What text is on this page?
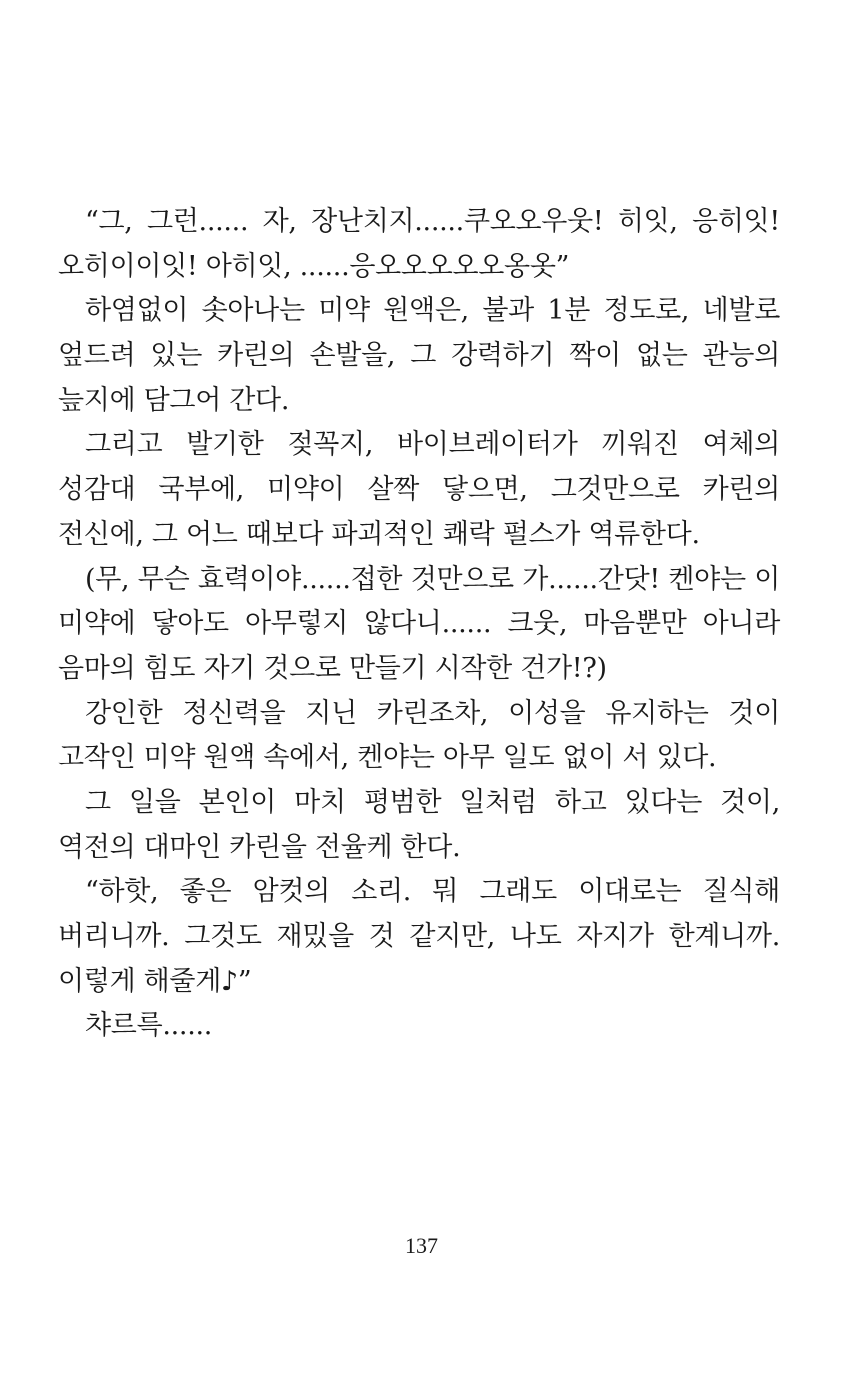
“그, 그런...... 자, 장난치지......쿠오오우웃! 히잇, 응히잇!
오히이이잇! 아히잇, ......응오오오오오옹옷”
하염없이 솟아나는 미약 원액은, 불과 1분 정도로, 네발로
엎드려 있는 카린의 손발을, 그 강력하기 짝이 없는 관능의
늪지에 담그어 간다.
그리고 발기한 젖꼭지, 바이브레이터가 끼워진 여체의
성감대 국부에, 미약이 살짝 닿으면, 그것만으로 카린의
전신에, 그 어느 때보다 파괴적인 쾌락 펄스가 역류한다.
(무, 무슨 효력이야......접한 것만으로 가......간닷! 켄야는 이
미약에 닿아도 아무렇지 않다니...... 크웃, 마음뿐만 아니라
음마의 힘도 자기 것으로 만들기 시작한 건가!?)
강인한 정신력을 지닌 카린조차, 이성을 유지하는 것이
고작인 미약 원액 속에서, 켄야는 아무 일도 없이 서 있다.
그 일을 본인이 마치 평범한 일처럼 하고 있다는 것이,
역전의 대마인 카린을 전율케 한다.
“하핫, 좋은 암컷의 소리. 뭐 그래도 이대로는 질식해
버리니까. 그것도 재밌을 것 같지만, 나도 자지가 한계니까.
이렇게 해줄게♪”
챠르륵......
137
